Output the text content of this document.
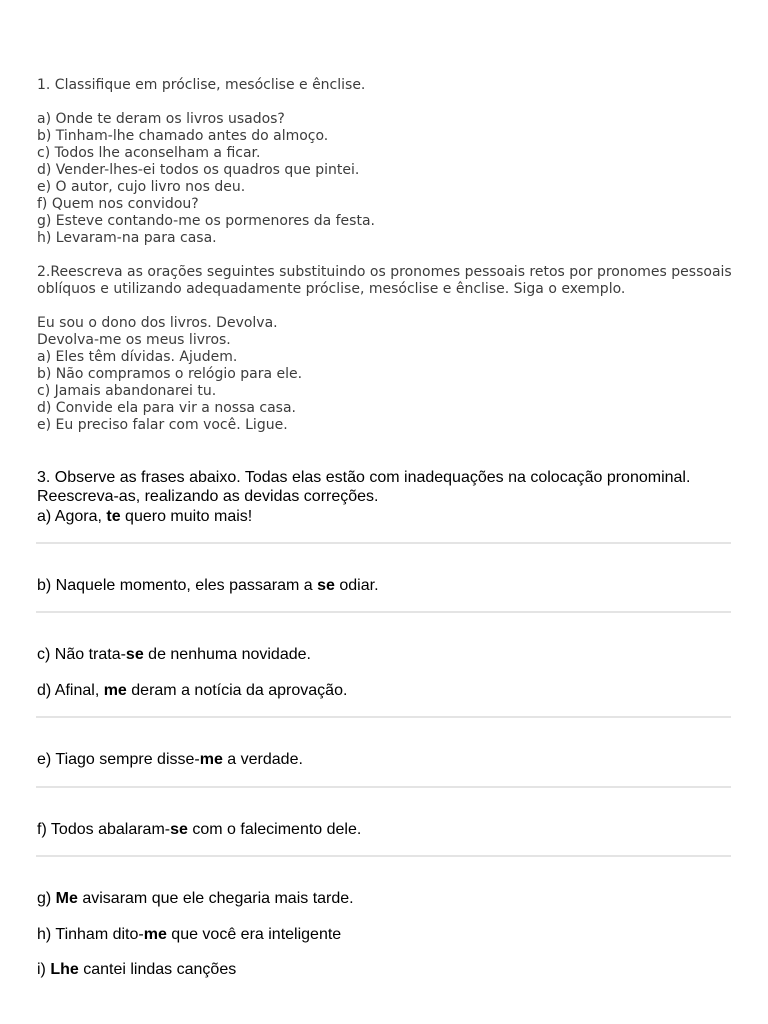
1. Classifique em próclise, mesóclise e ênclise.

a) Onde te deram os livros usados?

b) Tinham-lhe chamado antes do almoço.

c) Todos lhe aconselham a ficar.

d) Vender-lhes-ei todos os quadros que pintei.

e) O autor, cujo livro nos deu.

f) Quem nos convidou?

g) Esteve contando-me os pormenores da festa.

h) Levaram-na para casa.

2.Reescreva as orações seguintes substituindo os pronomes pessoais retos por pronomes pessoais oblíquos e utilizando adequadamente próclise, mesóclise e ênclise. Siga o exemplo.

Eu sou o dono dos livros. Devolva.

Devolva-me os meus livros.

a) Eles têm dívidas. Ajudem.

b) Não compramos o relógio para ele.

c) Jamais abandonarei tu.

d) Convide ela para vir a nossa casa.

e) Eu preciso falar com você. Ligue.

3. Observe as frases abaixo. Todas elas estão com inadequações na colocação pronominal. Reescreva-as, realizando as devidas correções.

a) Agora, te quero muito mais!

b) Naquele momento, eles passaram a se odiar.

c) Não trata-se de nenhuma novidade.

d) Afinal, me deram a notícia da aprovação.

e) Tiago sempre disse-me a verdade.

f) Todos abalaram-se com o falecimento dele.

g) Me avisaram que ele chegaria mais tarde.

h) Tinham dito-me que você era inteligente

i) Lhe cantei lindas canções
